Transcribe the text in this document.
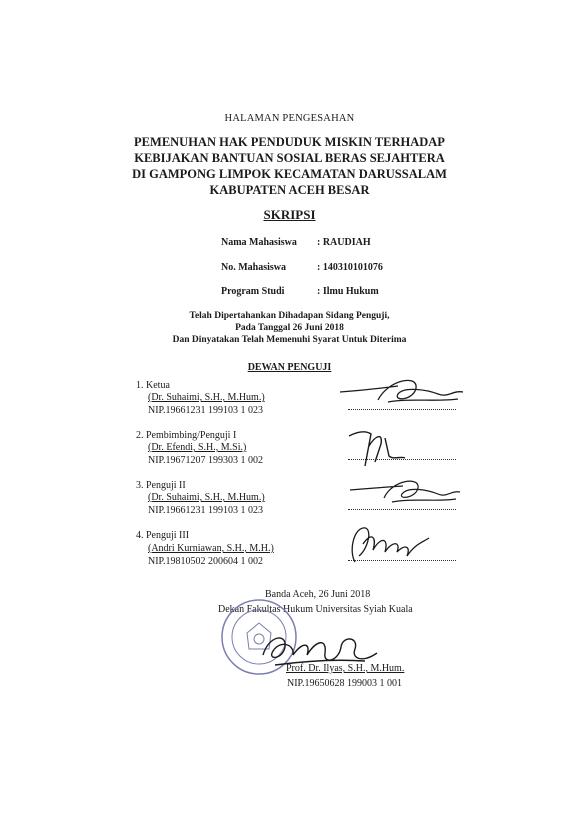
HALAMAN PENGESAHAN
PEMENUHAN HAK PENDUDUK MISKIN TERHADAP
KEBIJAKAN BANTUAN SOSIAL BERAS SEJAHTERA
DI GAMPONG LIMPOK KECAMATAN DARUSSALAM
KABUPATEN ACEH BESAR
SKRIPSI
Nama Mahasiswa : RAUDIAH
No. Mahasiswa	: 140310101076
Program Studi	: Ilmu Hukum
Telah Dipertahankan Dihadapan Sidang Penguji,
Pada Tanggal 26 Juni 2018
Dan Dinyatakan Telah Memenuhi Syarat Untuk Diterima
DEWAN PENGUJI
1. Ketua
(Dr. Suhaimi, S.H., M.Hum.)
NIP.19661231 199103 1 023
2. Pembimbing/Penguji I
(Dr. Efendi, S.H., M.Si.)
NIP.19671207 199303 1 002
3. Penguji II
(Dr. Suhaimi, S.H., M.Hum.)
NIP.19661231 199103 1 023
4. Penguji III
(Andri Kurniawan, S.H., M.H.)
NIP.19810502 200604 1 002
Banda Aceh, 26 Juni 2018
Dekan Fakultas Hukum Universitas Syiah Kuala
Prof. Dr. Ilyas, S.H., M.Hum.
NIP.19650628 199003 1 001
